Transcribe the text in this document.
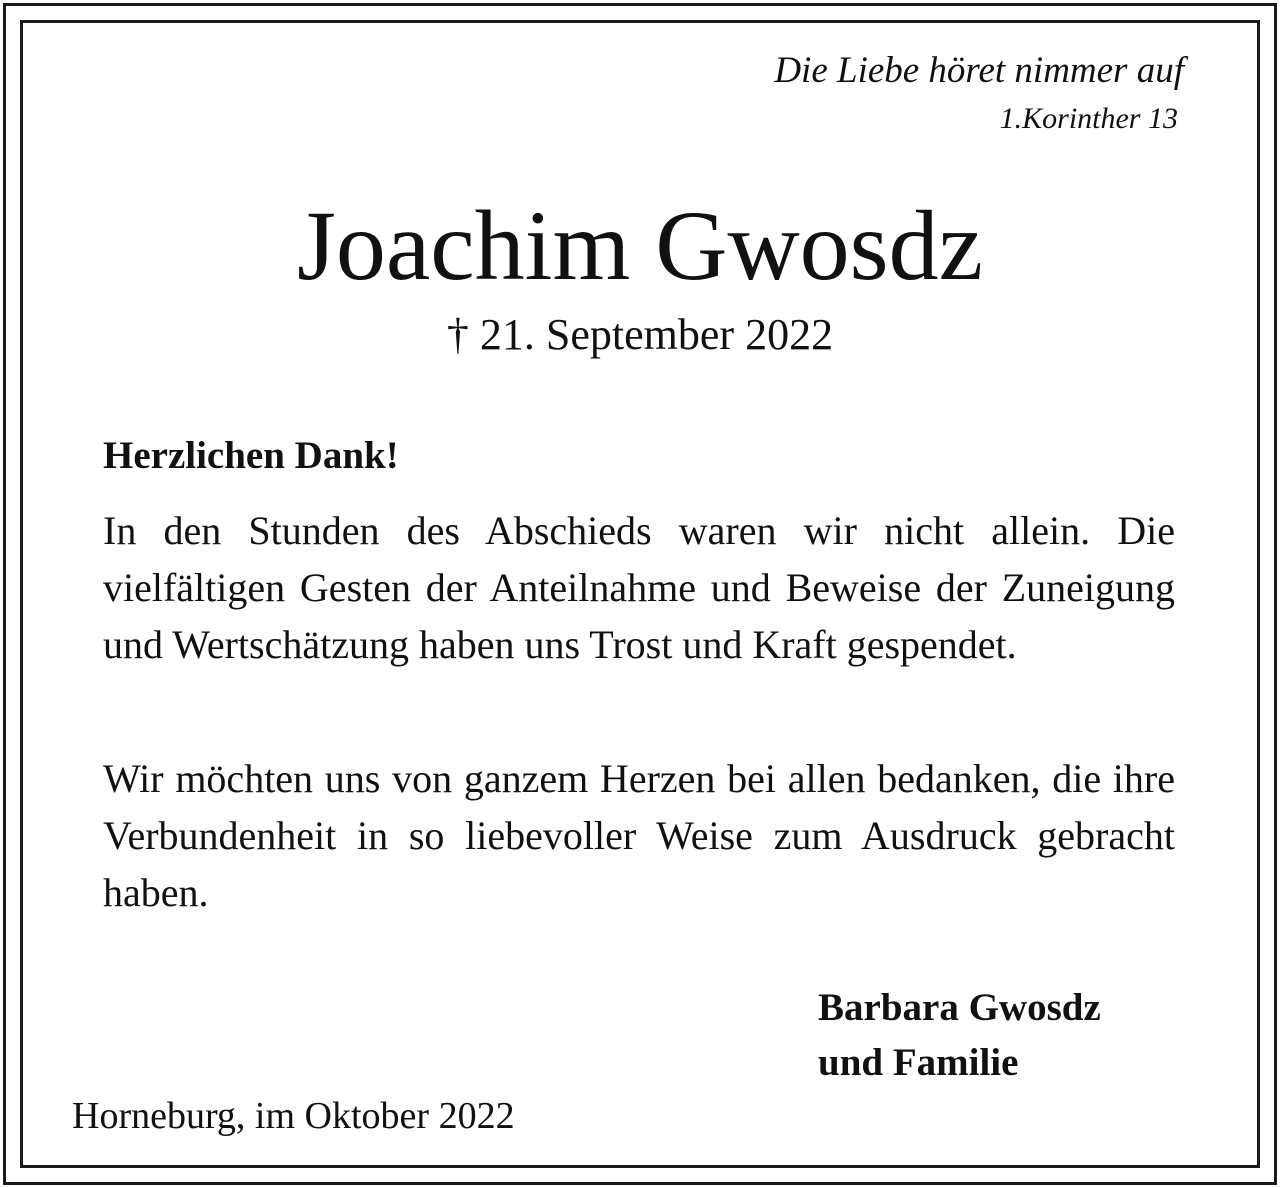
Die Liebe höret nimmer auf
1.Korinther 13
Joachim Gwosdz
† 21. September 2022
Herzlichen Dank!

In den Stunden des Abschieds waren wir nicht allein. Die vielfältigen Gesten der Anteilnahme und Beweise der Zuneigung und Wertschätzung haben uns Trost und Kraft gespendet.

Wir möchten uns von ganzem Herzen bei allen bedanken, die ihre Verbundenheit in so liebevoller Weise zum Ausdruck gebracht haben.

Barbara Gwosdz
und Familie
Horneburg, im Oktober 2022
